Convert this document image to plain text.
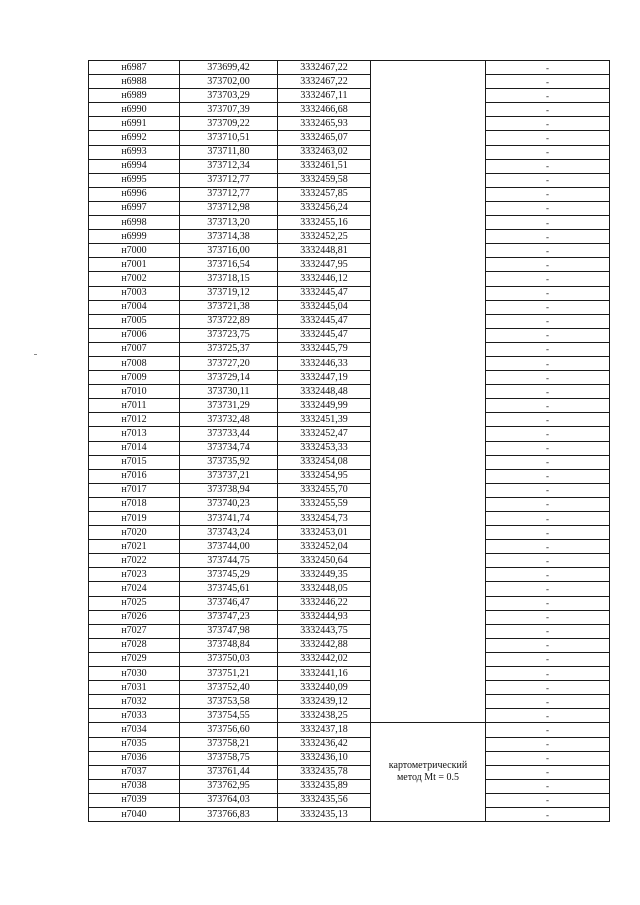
н6987	373699,42	3332467,22		-
н6988	373702,00	3332467,22		-
н6989	373703,29	3332467,11		-
н6990	373707,39	3332466,68		-
н6991	373709,22	3332465,93		-
н6992	373710,51	3332465,07		-
н6993	373711,80	3332463,02		-
н6994	373712,34	3332461,51		-
н6995	373712,77	3332459,58		-
н6996	373712,77	3332457,85		-
н6997	373712,98	3332456,24		-
н6998	373713,20	3332455,16		-
н6999	373714,38	3332452,25		-
н7000	373716,00	3332448,81		-
н7001	373716,54	3332447,95		-
н7002	373718,15	3332446,12		-
н7003	373719,12	3332445,47		-
н7004	373721,38	3332445,04		-
н7005	373722,89	3332445,47		-
н7006	373723,75	3332445,47		-
н7007	373725,37	3332445,79		-
н7008	373727,20	3332446,33		-
н7009	373729,14	3332447,19		-
н7010	373730,11	3332448,48		-
н7011	373731,29	3332449,99		-
н7012	373732,48	3332451,39		-
н7013	373733,44	3332452,47		-
н7014	373734,74	3332453,33		-
н7015	373735,92	3332454,08		-
н7016	373737,21	3332454,95		-
н7017	373738,94	3332455,70		-
н7018	373740,23	3332455,59		-
н7019	373741,74	3332454,73		-
н7020	373743,24	3332453,01		-
н7021	373744,00	3332452,04		-
н7022	373744,75	3332450,64		-
н7023	373745,29	3332449,35		-
н7024	373745,61	3332448,05		-
н7025	373746,47	3332446,22		-
н7026	373747,23	3332444,93		-
н7027	373747,98	3332443,75		-
н7028	373748,84	3332442,88		-
н7029	373750,03	3332442,02		-
н7030	373751,21	3332441,16		-
н7031	373752,40	3332440,09		-
н7032	373753,58	3332439,12		-
н7033	373754,55	3332438,25		-
н7034	373756,60	3332437,18	картометрический
метод Mt = 0.5	-
н7035	373758,21	3332436,42		-
н7036	373758,75	3332436,10		-
н7037	373761,44	3332435,78		-
н7038	373762,95	3332435,89		-
н7039	373764,03	3332435,56		-
н7040	373766,83	3332435,13		-
